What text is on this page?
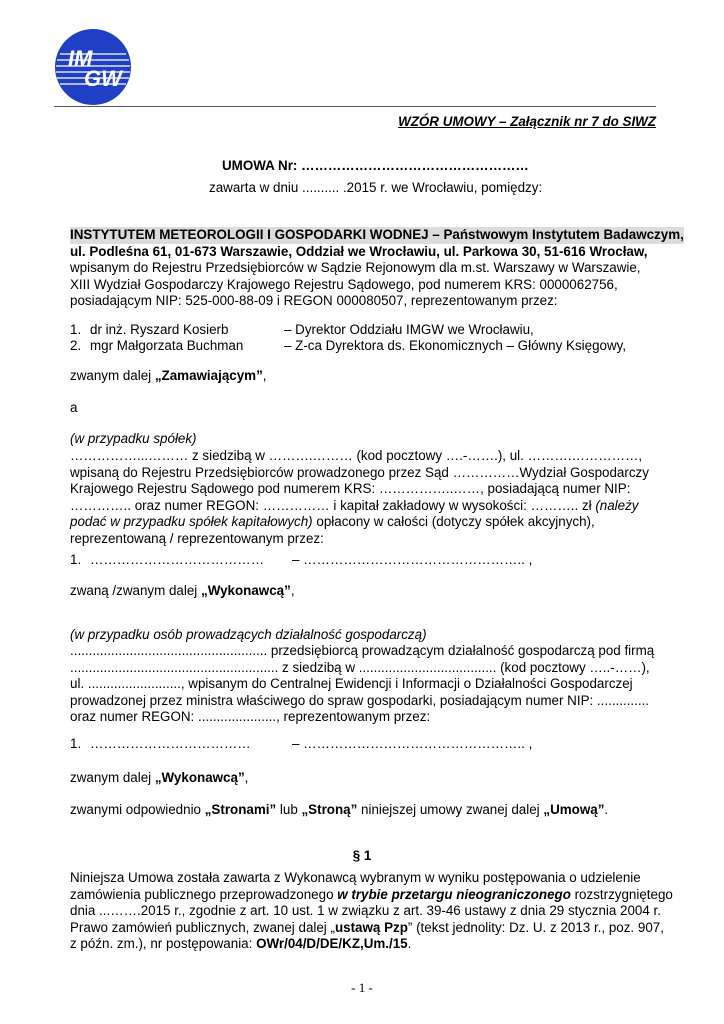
IM
GW
WZÓR UMOWY – Załącznik nr 7 do SIWZ
UMOWA Nr: ……………………………………………
zawarta w dniu .......... .2015 r. we Wrocławiu, pomiędzy:
INSTYTUTEM METEOROLOGII I GOSPODARKI WODNEJ – Państwowym Instytutem Badawczym,
ul. Podleśna 61, 01-673 Warszawie, Oddział we Wrocławiu, ul. Parkowa 30, 51-616 Wrocław,
wpisanym do Rejestru Przedsiębiorców w Sądzie Rejonowym dla m.st. Warszawy w Warszawie,
XIII Wydział Gospodarczy Krajowego Rejestru Sądowego, pod numerem KRS: 0000062756,
posiadającym NIP: 525-000-88-09 i REGON 000080507, reprezentowanym przez:
1. dr inż. Ryszard Kosierb	– Dyrektor Oddziału IMGW we Wrocławiu,
2. mgr Małgorzata Buchman	– Z-ca Dyrektora ds. Ekonomicznych – Główny Księgowy,
zwanym dalej „Zamawiającym”,
a
(w przypadku spółek)
……………...……… z siedzibą w ……….……… (kod pocztowy ….-…….), ul. ……….……………,
wpisaną do Rejestru Przedsiębiorców prowadzonego przez Sąd ……………Wydział Gospodarczy
Krajowego Rejestru Sądowego pod numerem KRS: ……………..……, posiadającą numer NIP:
………….. oraz numer REGON: …………… i kapitał zakładowy w wysokości: ……….. zł (należy
podać w przypadku spółek kapitałowych) opłacony w całości (dotyczy spółek akcyjnych),
reprezentowaną / reprezentowanym przez:
1. ………………………………… – ………………………………………….. ,
zwaną /zwanym dalej „Wykonawcą”,
(w przypadku osób prowadzących działalność gospodarczą)
..................................................... przedsiębiorcą prowadzącym działalność gospodarczą pod firmą
........................................................ z siedzibą w ..................................... (kod pocztowy …..-……),
ul. ........................., wpisanym do Centralnej Ewidencji i Informacji o Działalności Gospodarczej
prowadzonej przez ministra właściwego do spraw gospodarki, posiadającym numer NIP: ..............
oraz numer REGON: ....................., reprezentowanym przez:
1. ………………………………	– ………………………………………….. ,
zwanym dalej „Wykonawcą”,
zwanymi odpowiednio „Stronami” lub „Stroną” niniejszej umowy zwanej dalej „Umową”.
§ 1
Niniejsza Umowa została zawarta z Wykonawcą wybranym w wyniku postępowania o udzielenie
zamówienia publicznego przeprowadzonego w trybie przetargu nieograniczonego rozstrzygniętego
dnia ...…….2015 r., zgodnie z art. 10 ust. 1 w związku z art. 39-46 ustawy z dnia 29 stycznia 2004 r.
Prawo zamówień publicznych, zwanej dalej „ustawą Pzp” (tekst jednolity: Dz. U. z 2013 r., poz. 907,
z późn. zm.), nr postępowania: OWr/04/D/DE/KZ,Um./15.
- 1 -
